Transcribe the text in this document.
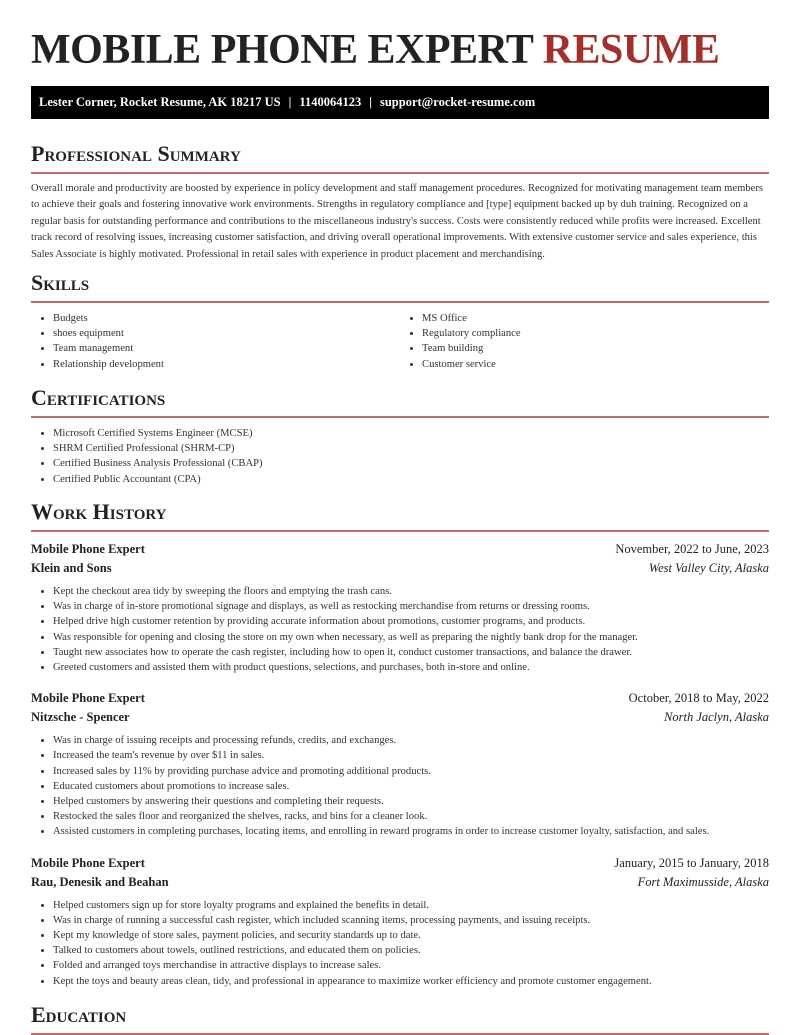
MOBILE PHONE EXPERT RESUME
Lester Corner, Rocket Resume, AK 18217 US | 1140064123 | support@rocket-resume.com
Professional Summary

Overall morale and productivity are boosted by experience in policy development and staff management procedures. Recognized for motivating management team members to achieve their goals and fostering innovative work environments. Strengths in regulatory compliance and [type] equipment backed up by duh training. Recognized on a regular basis for outstanding performance and contributions to the miscellaneous industry's success. Costs were consistently reduced while profits were increased. Excellent track record of resolving issues, increasing customer satisfaction, and driving overall operational improvements. With extensive customer service and sales experience, this Sales Associate is highly motivated. Professional in retail sales with experience in product placement and merchandising.

Skills
• Budgets
• shoes equipment
• Team management
• Relationship development
• MS Office
• Regulatory compliance
• Team building
• Customer service
Certifications
• Microsoft Certified Systems Engineer (MCSE)
• SHRM Certified Professional (SHRM-CP)
• Certified Business Analysis Professional (CBAP)
• Certified Public Accountant (CPA)
Work History
Mobile Phone Expert	November, 2022 to June, 2023
Klein and Sons	West Valley City, Alaska
• Kept the checkout area tidy by sweeping the floors and emptying the trash cans.
• Was in charge of in-store promotional signage and displays, as well as restocking merchandise from returns or dressing rooms.
• Helped drive high customer retention by providing accurate information about promotions, customer programs, and products.
• Was responsible for opening and closing the store on my own when necessary, as well as preparing the nightly bank drop for the manager.
• Taught new associates how to operate the cash register, including how to open it, conduct customer transactions, and balance the drawer.
• Greeted customers and assisted them with product questions, selections, and purchases, both in-store and online.
Mobile Phone Expert	October, 2018 to May, 2022
Nitzsche - Spencer	North Jaclyn, Alaska
• Was in charge of issuing receipts and processing refunds, credits, and exchanges.
• Increased the team's revenue by over $11 in sales.
• Increased sales by 11% by providing purchase advice and promoting additional products.
• Educated customers about promotions to increase sales.
• Helped customers by answering their questions and completing their requests.
• Restocked the sales floor and reorganized the shelves, racks, and bins for a cleaner look.
• Assisted customers in completing purchases, locating items, and enrolling in reward programs in order to increase customer loyalty, satisfaction, and sales.
Mobile Phone Expert	January, 2015 to January, 2018
Rau, Denesik and Beahan	Fort Maximusside, Alaska
• Helped customers sign up for store loyalty programs and explained the benefits in detail.
• Was in charge of running a successful cash register, which included scanning items, processing payments, and issuing receipts.
• Kept my knowledge of store sales, payment policies, and security standards up to date.
• Talked to customers about towels, outlined restrictions, and educated them on policies.
• Folded and arranged toys merchandise in attractive displays to increase sales.
• Kept the toys and beauty areas clean, tidy, and professional in appearance to maximize worker efficiency and promote customer engagement.
Education
